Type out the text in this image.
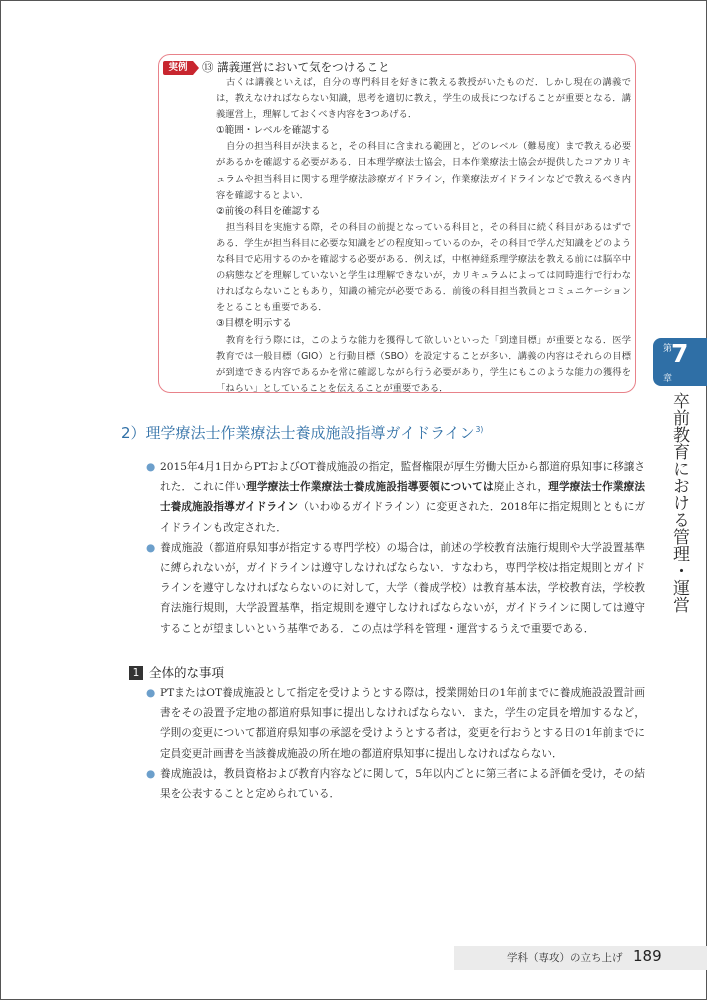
実例	⑬ 講義運営において気をつけること

古くは講義といえば，自分の専門科目を好きに教える教授がいたものだ．しかし現在の講義では，教えなければならない知識，思考を適切に教え，学生の成長につなげることが重要となる．講義運営上，理解しておくべき内容を3つあげる．

①範囲・レベルを確認する

自分の担当科目が決まると，その科目に含まれる範囲と，どのレベル（難易度）まで教える必要があるかを確認する必要がある．日本理学療法士協会，日本作業療法士協会が提供したコアカリキュラムや担当科目に関する理学療法診療ガイドライン，作業療法ガイドラインなどで教えるべき内容を確認するとよい．

②前後の科目を確認する

担当科目を実施する際，その科目の前提となっている科目と，その科目に続く科目があるはずである．学生が担当科目に必要な知識をどの程度知っているのか，その科目で学んだ知識をどのような科目で応用するのかを確認する必要がある．例えば，中枢神経系理学療法を教える前には脳卒中の病態などを理解していないと学生は理解できないが，カリキュラムによっては同時進行で行わなければならないこともあり，知識の補完が必要である．前後の科目担当教員とコミュニケーションをとることも重要である．

③目標を明示する

教育を行う際には，このような能力を獲得して欲しいといった「到達目標」が重要となる．医学教育では一般目標（GIO）と行動目標（SBO）を設定することが多い．講義の内容はそれらの目標が到達できる内容であるかを常に確認しながら行う必要があり，学生にもこのような能力の獲得を「ねらい」としていることを伝えることが重要である．

2）理学療法士作業療法士養成施設指導ガイドライン$^{3)}$

● 2015年4月1日からPTおよびOT養成施設の指定，監督権限が厚生労働大臣から都道府県知事に移譲された．これに伴い理学療法士作業療法士養成施設指導要領については廃止され，理学療法士作業療法士養成施設指導ガイドライン（いわゆるガイドライン）に変更された．2018年に指定規則とともにガイドラインも改定された．

● 養成施設（都道府県知事が指定する専門学校）の場合は，前述の学校教育法施行規則や大学設置基準に縛られないが，ガイドラインは遵守しなければならない．すなわち，専門学校は指定規則とガイドラインを遵守しなければならないのに対して，大学（養成学校）は教育基本法，学校教育法，学校教育法施行規則，大学設置基準，指定規則を遵守しなければならないが，ガイドラインに関しては遵守することが望ましいという基準である．この点は学科を管理・運営するうえで重要である．

1 全体的な事項

● PTまたはOT養成施設として指定を受けようとする際は，授業開始日の1年前までに養成施設設置計画書をその設置予定地の都道府県知事に提出しなければならない．また，学生の定員を増加するなど，学則の変更について都道府県知事の承認を受けようとする者は，変更を行おうとする日の1年前までに定員変更計画書を当該養成施設の所在地の都道府県知事に提出しなければならない．

● 養成施設は，教員資格および教育内容などに関して，5年以内ごとに第三者による評価を受け，その結果を公表することと定められている．

第
7
章
卒前教育における管理・運営
学科（専攻）の立ち上げ 189
